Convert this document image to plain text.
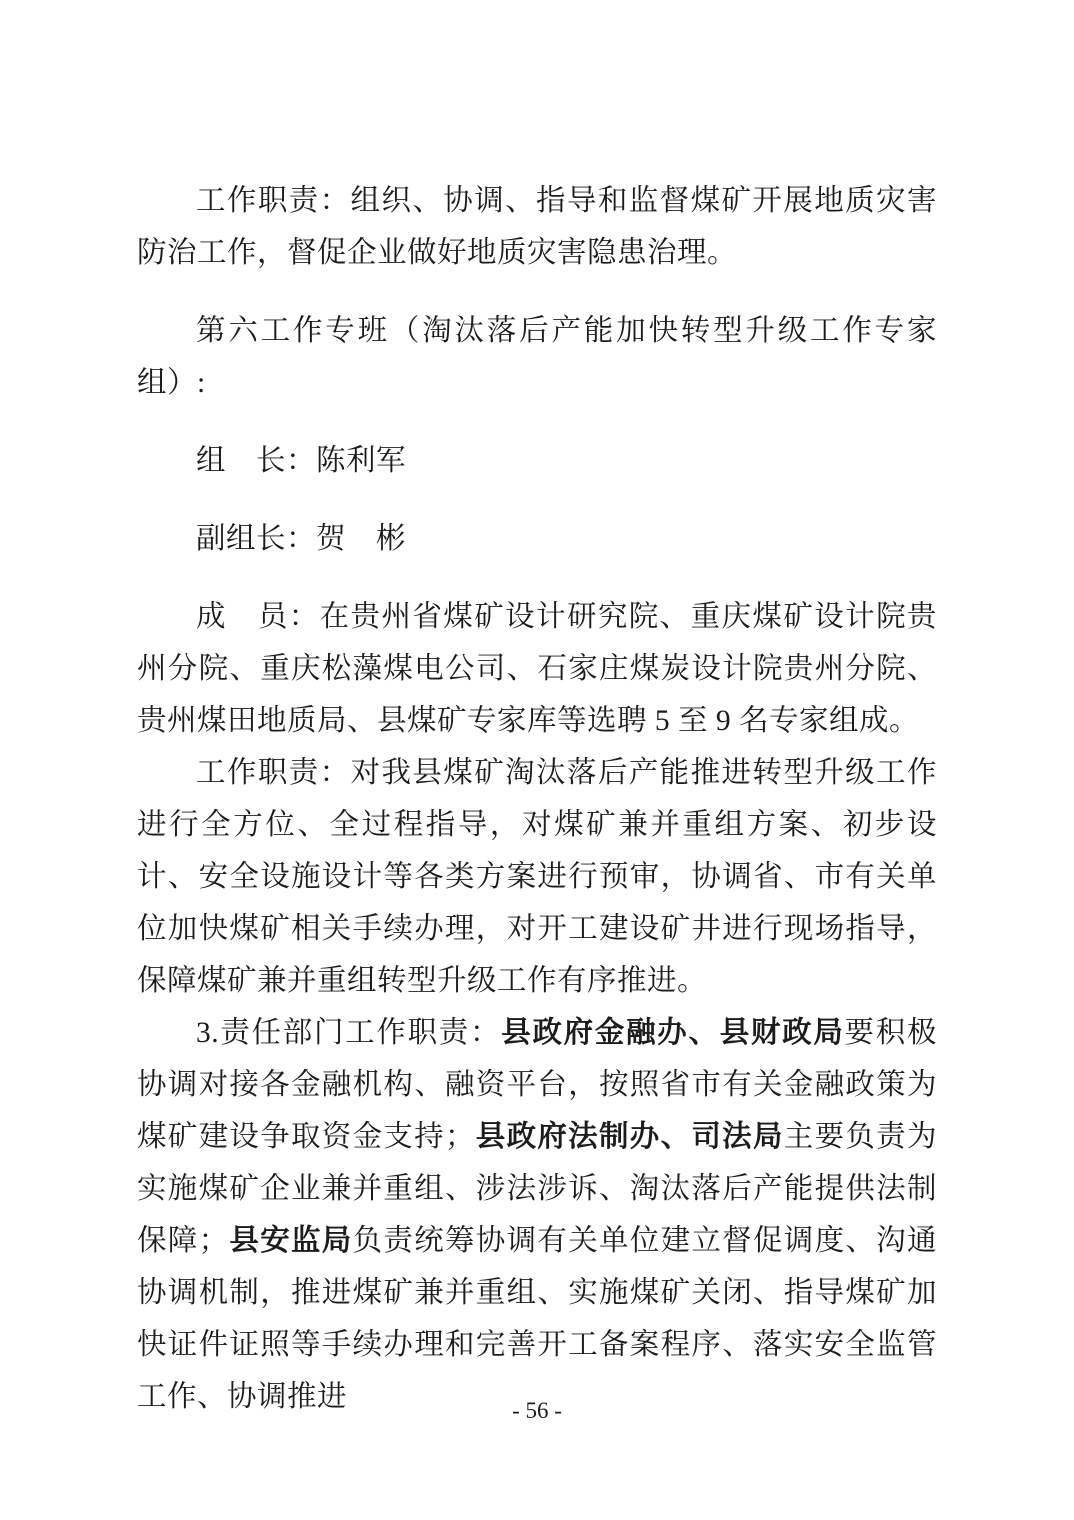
工作职责：组织、协调、指导和监督煤矿开展地质灾害防治工作，督促企业做好地质灾害隐患治理。

第六工作专班（淘汰落后产能加快转型升级工作专家组）:

组　长：陈利军

副组长：贺　彬

成　员：在贵州省煤矿设计研究院、重庆煤矿设计院贵州分院、重庆松藻煤电公司、石家庄煤炭设计院贵州分院、贵州煤田地质局、县煤矿专家库等选聘 5 至 9 名专家组成。

工作职责：对我县煤矿淘汰落后产能推进转型升级工作进行全方位、全过程指导，对煤矿兼并重组方案、初步设计、安全设施设计等各类方案进行预审，协调省、市有关单位加快煤矿相关手续办理，对开工建设矿井进行现场指导，保障煤矿兼并重组转型升级工作有序推进。

3.责任部门工作职责：县政府金融办、县财政局要积极协调对接各金融机构、融资平台，按照省市有关金融政策为煤矿建设争取资金支持；县政府法制办、司法局主要负责为实施煤矿企业兼并重组、涉法涉诉、淘汰落后产能提供法制保障；县安监局负责统筹协调有关单位建立督促调度、沟通协调机制，推进煤矿兼并重组、实施煤矿关闭、指导煤矿加快证件证照等手续办理和完善开工备案程序、落实安全监管工作、协调推进	- 56 -
